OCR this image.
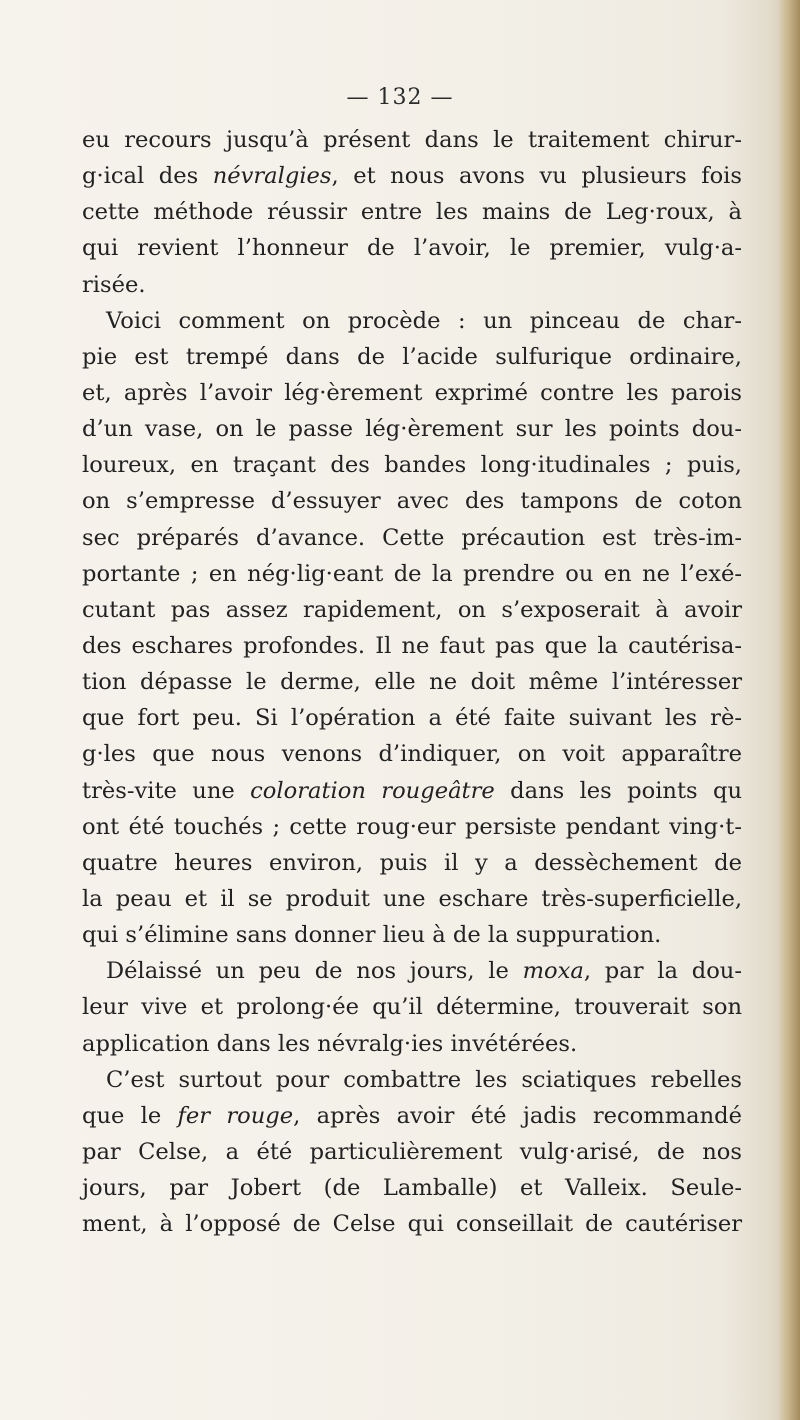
— 132 —
eu recours jusqu’à présent dans le traitement chirur-
g·ical des névralgies, et nous avons vu plusieurs fois
cette méthode réussir entre les mains de Leg·roux, à
qui revient l’honneur de l’avoir, le premier, vulg·a-
risée.
Voici comment on procède : un pinceau de char-
pie est trempé dans de l’acide sulfurique ordinaire,
et, après l’avoir lég·èrement exprimé contre les parois
d’un vase, on le passe lég·èrement sur les points dou-
loureux, en traçant des bandes long·itudinales ; puis,
on s’empresse d’essuyer avec des tampons de coton
sec préparés d’avance. Cette précaution est très-im-
portante ; en nég·lig·eant de la prendre ou en ne l’exé-
cutant pas assez rapidement, on s’exposerait à avoir
des eschares profondes. Il ne faut pas que la cautérisa-
tion dépasse le derme, elle ne doit même l’intéresser
que fort peu. Si l’opération a été faite suivant les rè-
g·les que nous venons d’indiquer, on voit apparaître
très-vite une coloration rougeâtre dans les points qu
ont été touchés ; cette roug·eur persiste pendant ving·t-
quatre heures environ, puis il y a dessèchement de
la peau et il se produit une eschare très-superficielle,
qui s’élimine sans donner lieu à de la suppuration.
Délaissé un peu de nos jours, le moxa, par la dou-
leur vive et prolong·ée qu’il détermine, trouverait son
application dans les névralg·ies invétérées.
C’est surtout pour combattre les sciatiques rebelles
que le fer rouge, après avoir été jadis recommandé
par Celse, a été particulièrement vulg·arisé, de nos
jours, par Jobert (de Lamballe) et Valleix. Seule-
ment, à l’opposé de Celse qui conseillait de cautériser
